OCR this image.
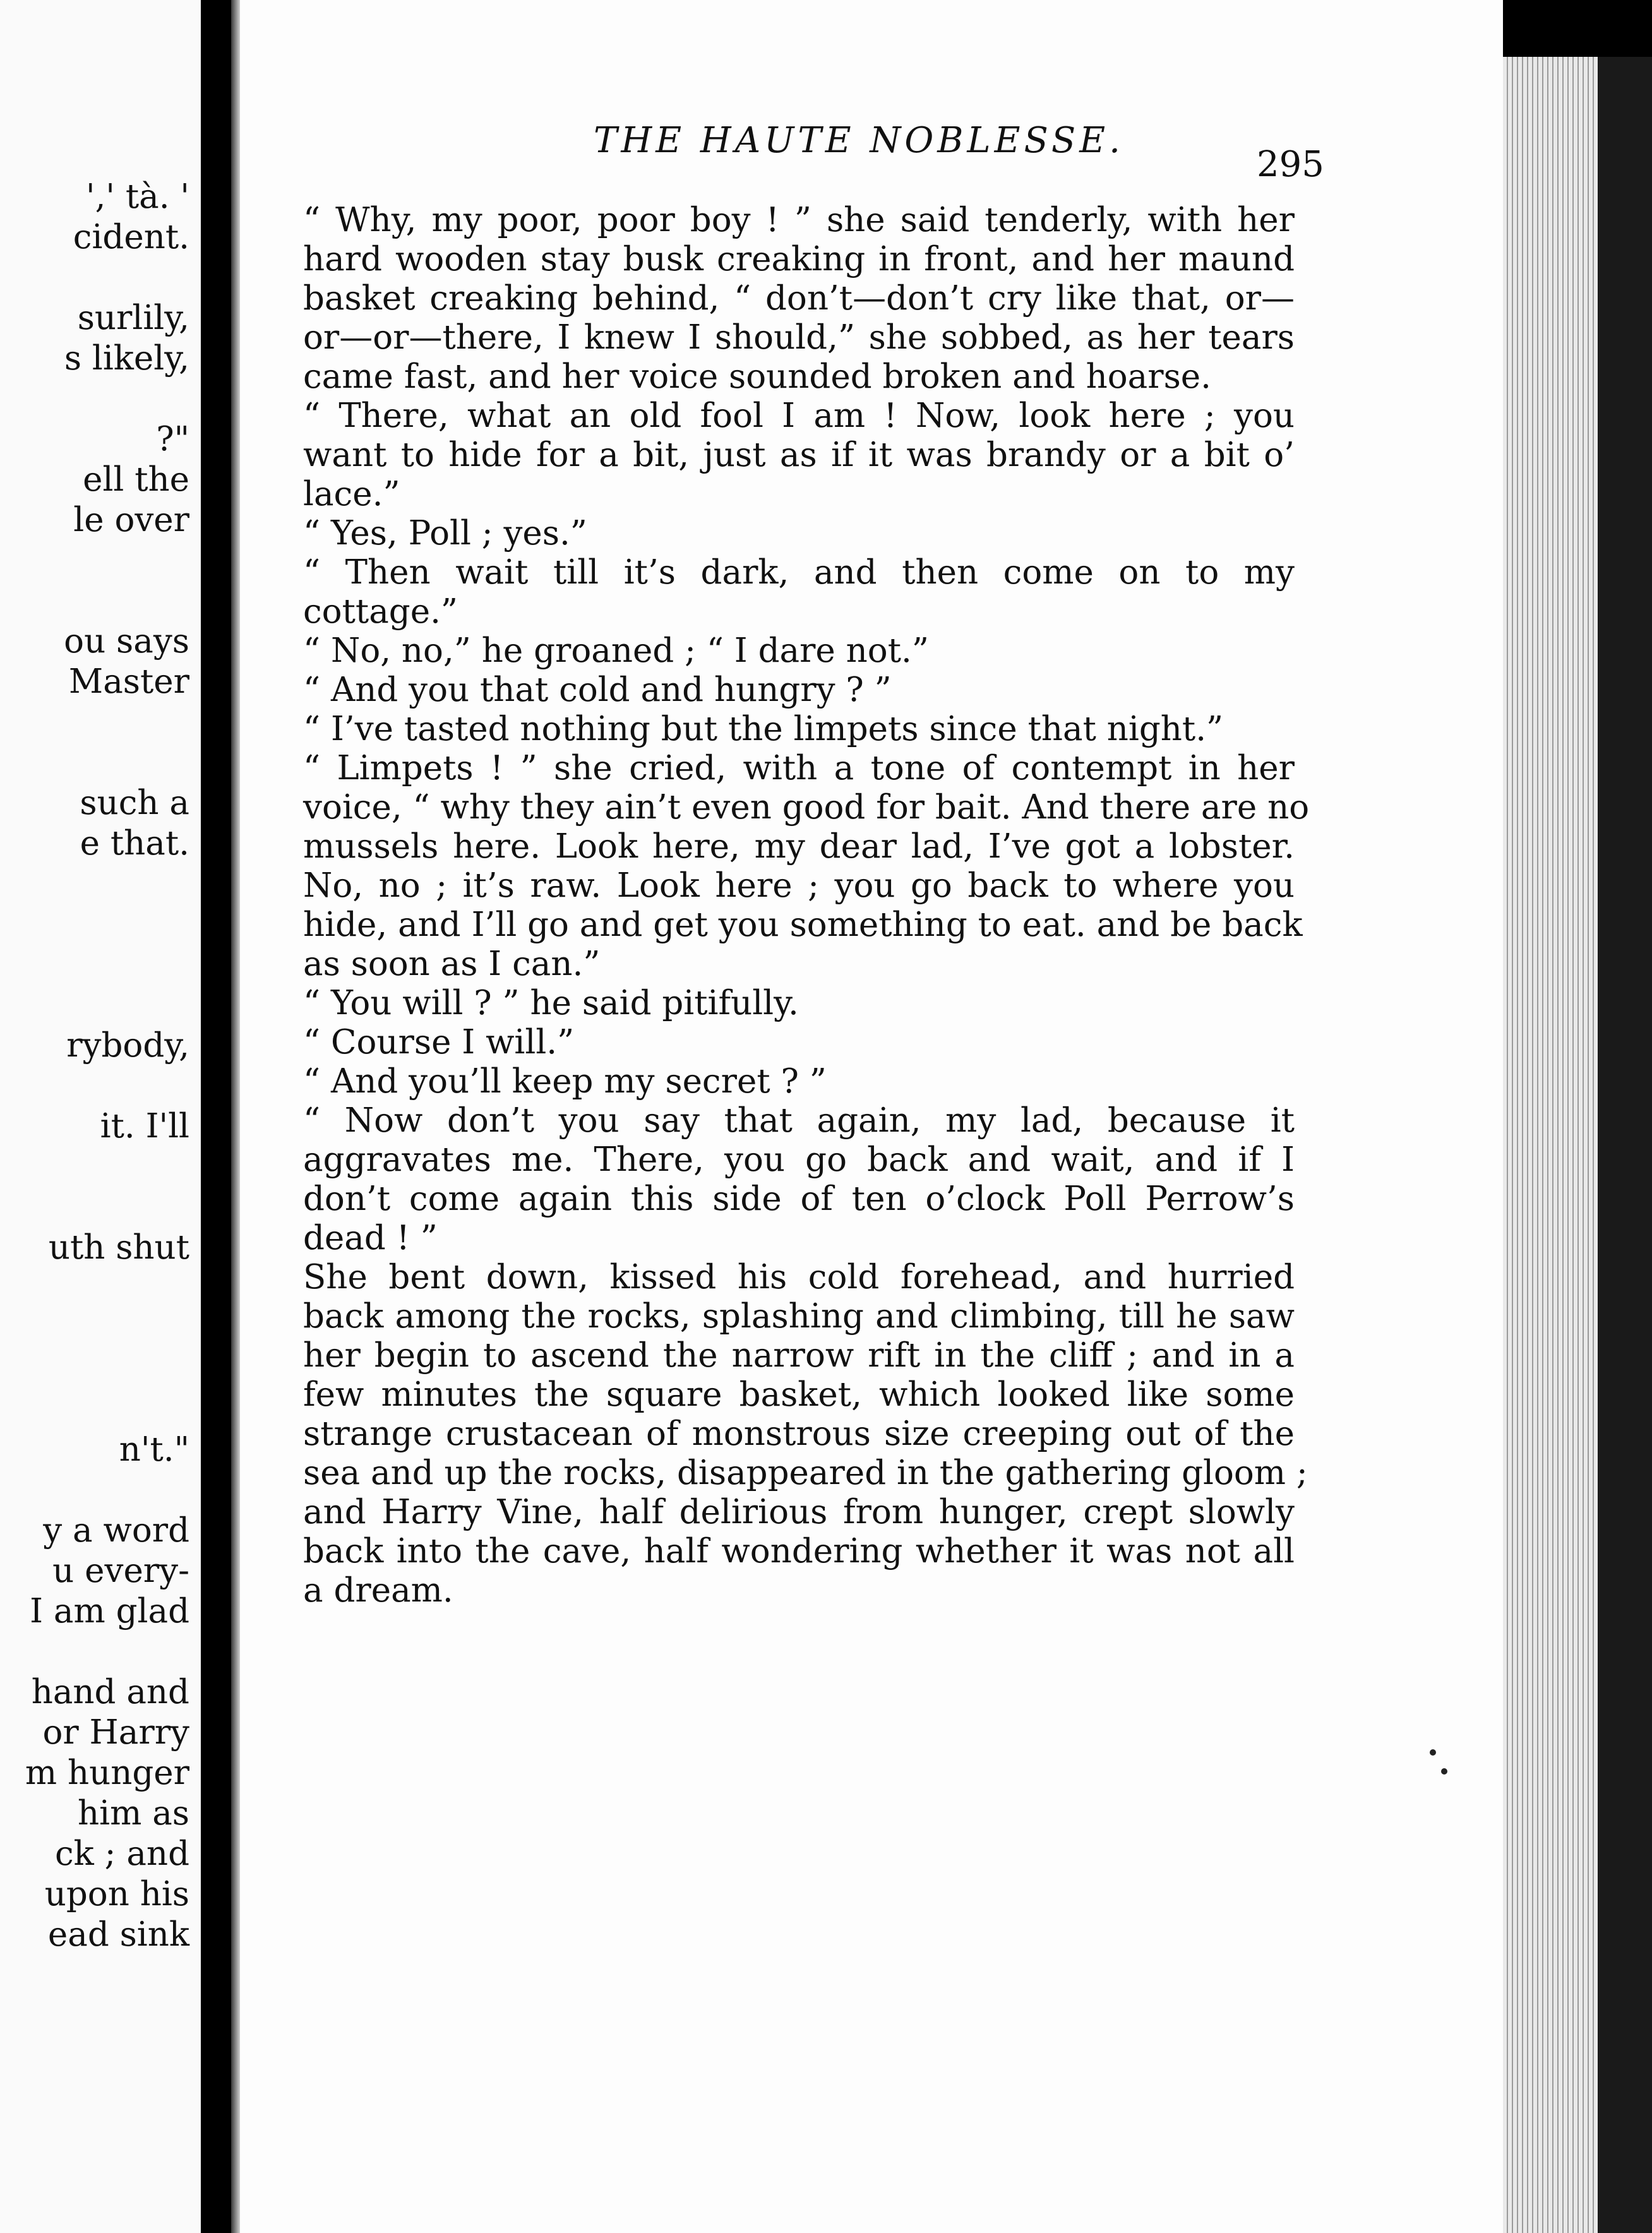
',' tà. '
cident.
surlily,
s likely,
?"
ell the
le over
ou says
Master
such a
e that.
rybody,
it. I'll
uth shut
n't."
y a word
u every-
I am glad
hand and
or Harry
m hunger
him as
ck ; and
upon his
ead sink
THE HAUTE NOBLESSE.
295
“ Why, my poor, poor boy ! ” she said tenderly, with her
hard wooden stay busk creaking in front, and her maund
basket creaking behind, “ don’t—don’t cry like that, or—
or—or—there, I knew I should,” she sobbed, as her tears
came fast, and her voice sounded broken and hoarse.
“ There, what an old fool I am ! Now, look here ; you
want to hide for a bit, just as if it was brandy or a bit o’
lace.”
“ Yes, Poll ; yes.”
“ Then wait till it’s dark, and then come on to my
cottage.”
“ No, no,” he groaned ; “ I dare not.”
“ And you that cold and hungry ? ”
“ I’ve tasted nothing but the limpets since that night.”
“ Limpets ! ” she cried, with a tone of contempt in her
voice, “ why they ain’t even good for bait. And there are no
mussels here. Look here, my dear lad, I’ve got a lobster.
No, no ; it’s raw. Look here ; you go back to where you
hide, and I’ll go and get you something to eat. and be back
as soon as I can.”
“ You will ? ” he said pitifully.
“ Course I will.”
“ And you’ll keep my secret ? ”
“ Now don’t you say that again, my lad, because it
aggravates me. There, you go back and wait, and if I
don’t come again this side of ten o’clock Poll Perrow’s
dead ! ”
She bent down, kissed his cold forehead, and hurried
back among the rocks, splashing and climbing, till he saw
her begin to ascend the narrow rift in the cliff ; and in a
few minutes the square basket, which looked like some
strange crustacean of monstrous size creeping out of the
sea and up the rocks, disappeared in the gathering gloom ;
and Harry Vine, half delirious from hunger, crept slowly
back into the cave, half wondering whether it was not all
a dream.
